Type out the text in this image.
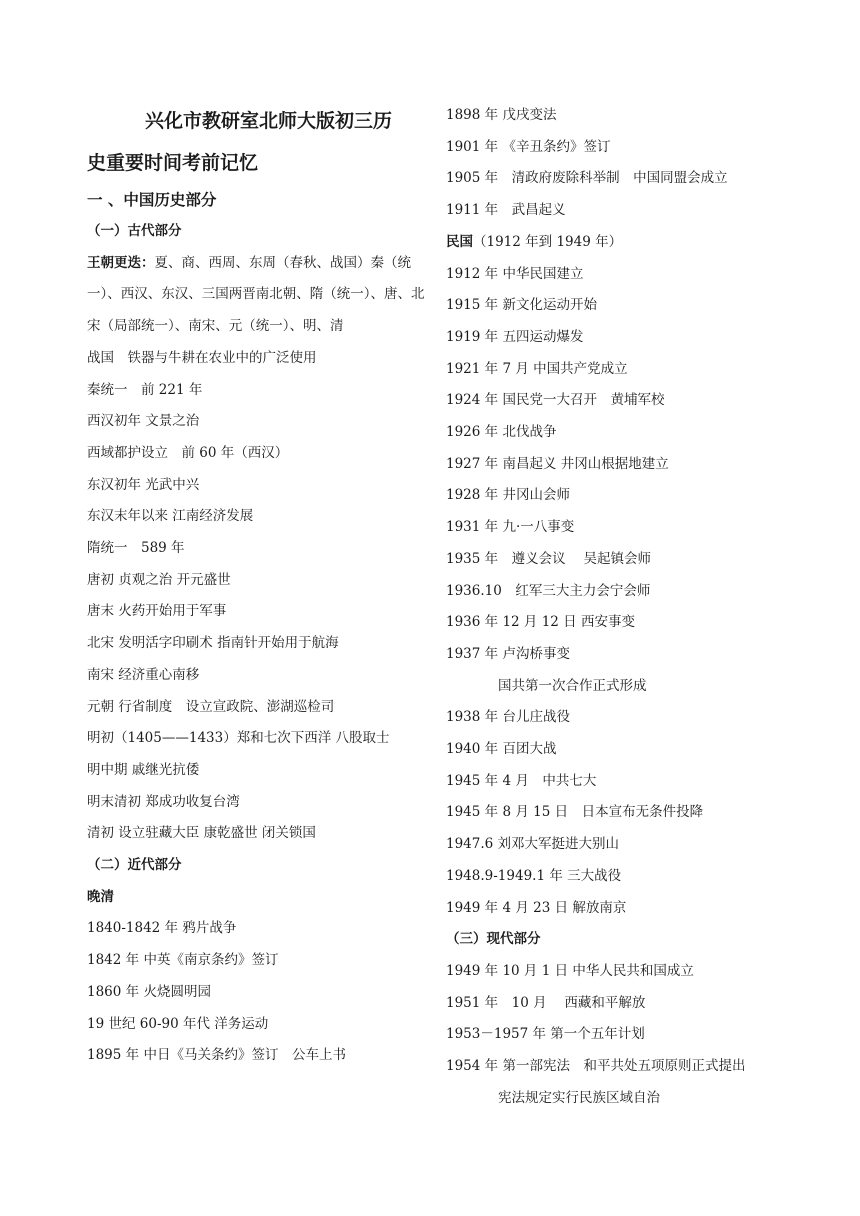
兴化市教研室北师大版初三历
史重要时间考前记忆
一 、中国历史部分
（一）古代部分
王朝更迭：夏、商、西周、东周（春秋、战国）秦（统一）、西汉、东汉、三国两晋南北朝、隋（统一）、唐、北宋（局部统一）、南宋、元（统一）、明、清
战国　铁器与牛耕在农业中的广泛使用
秦统一　前 221 年
西汉初年 文景之治
西域都护设立　前 60 年（西汉）
东汉初年 光武中兴
东汉末年以来 江南经济发展
隋统一　589 年
唐初 贞观之治 开元盛世
唐末 火药开始用于军事
北宋 发明活字印刷术 指南针开始用于航海
南宋 经济重心南移
元朝 行省制度　设立宣政院、澎湖巡检司
明初（1405——1433）郑和七次下西洋 八股取士
明中期 戚继光抗倭
明末清初 郑成功收复台湾
清初 设立驻藏大臣 康乾盛世 闭关锁国
（二）近代部分
晚清
1840-1842 年 鸦片战争
1842 年 中英《南京条约》签订
1860 年 火烧圆明园
19 世纪 60-90 年代 洋务运动
1895 年 中日《马关条约》签订　公车上书
1898 年 戊戌变法
1901 年 《辛丑条约》签订
1905 年　清政府废除科举制　中国同盟会成立
1911 年　武昌起义
民国（1912 年到 1949 年）
1912 年 中华民国建立
1915 年 新文化运动开始
1919 年 五四运动爆发
1921 年 7 月 中国共产党成立
1924 年 国民党一大召开　黄埔军校
1926 年 北伐战争
1927 年 南昌起义 井冈山根据地建立
1928 年 井冈山会师
1931 年 九·一八事变
1935 年　遵义会议　 吴起镇会师
1936.10　红军三大主力会宁会师
1936 年 12 月 12 日 西安事变
1937 年 卢沟桥事变
国共第一次合作正式形成
1938 年 台儿庄战役
1940 年 百团大战
1945 年 4 月　中共七大
1945 年 8 月 15 日　日本宣布无条件投降
1947.6 刘邓大军挺进大别山
1948.9-1949.1 年 三大战役
1949 年 4 月 23 日 解放南京
（三）现代部分
1949 年 10 月 1 日 中华人民共和国成立
1951 年　10 月　 西藏和平解放
1953－1957 年 第一个五年计划
1954 年 第一部宪法　和平共处五项原则正式提出
宪法规定实行民族区域自治
